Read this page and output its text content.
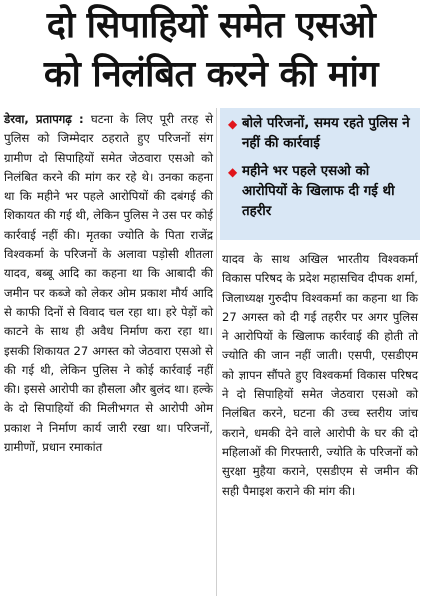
दो सिपाहियों समेत एसओ
को निलंबित करने की मांग
डेरवा, प्रतापगढ़ : घटना के लिए पूरी तरह से पुलिस को जिम्मेदार ठहराते हुए परिजनों संग ग्रामीण दो सिपाहियों समेत जेठवारा एसओ को निलंबित करने की मांग कर रहे थे। उनका कहना था कि महीने भर पहले आरोपियों की दबंगई की शिकायत की गई थी, लेकिन पुलिस ने उस पर कोई कार्रवाई नहीं की। मृतका ज्योति के पिता राजेंद्र विश्वकर्मा के परिजनों के अलावा पड़ोसी शीतला यादव, बब्बू आदि का कहना था कि आबादी की जमीन पर कब्जे को लेकर ओम प्रकाश मौर्य आदि से काफी दिनों से विवाद चल रहा था। हरे पेड़ों को काटने के साथ ही अवैध निर्माण करा रहा था। इसकी शिकायत 27 अगस्त को जेठवारा एसओ से की गई थी, लेकिन पुलिस ने कोई कार्रवाई नहीं की। इससे आरोपी का हौसला और बुलंद था। हल्के के दो सिपाहियों की मिलीभगत से आरोपी ओम प्रकाश ने निर्माण कार्य जारी रखा था। परिजनों, ग्रामीणों, प्रधान रमाकांत
◆ बोले परिजनों, समय रहते पुलिस ने नहीं की कार्रवाई
◆ महीने भर पहले एसओ को आरोपियों के खिलाफ दी गई थी तहरीर
यादव के साथ अखिल भारतीय विश्वकर्मा विकास परिषद के प्रदेश महासचिव दीपक शर्मा, जिलाध्यक्ष गुरुदीप विश्वकर्मा का कहना था कि 27 अगस्त को दी गई तहरीर पर अगर पुलिस ने आरोपियों के खिलाफ कार्रवाई की होती तो ज्योति की जान नहीं जाती। एसपी, एसडीएम को ज्ञापन सौंपते हुए विश्वकर्मा विकास परिषद ने दो सिपाहियों समेत जेठवारा एसओ को निलंबित करने, घटना की उच्च स्तरीय जांच कराने, धमकी देने वाले आरोपी के घर की दो महिलाओं की गिरफ्तारी, ज्योति के परिजनों को सुरक्षा मुहैया कराने, एसडीएम से जमीन की सही पैमाइश कराने की मांग की।
